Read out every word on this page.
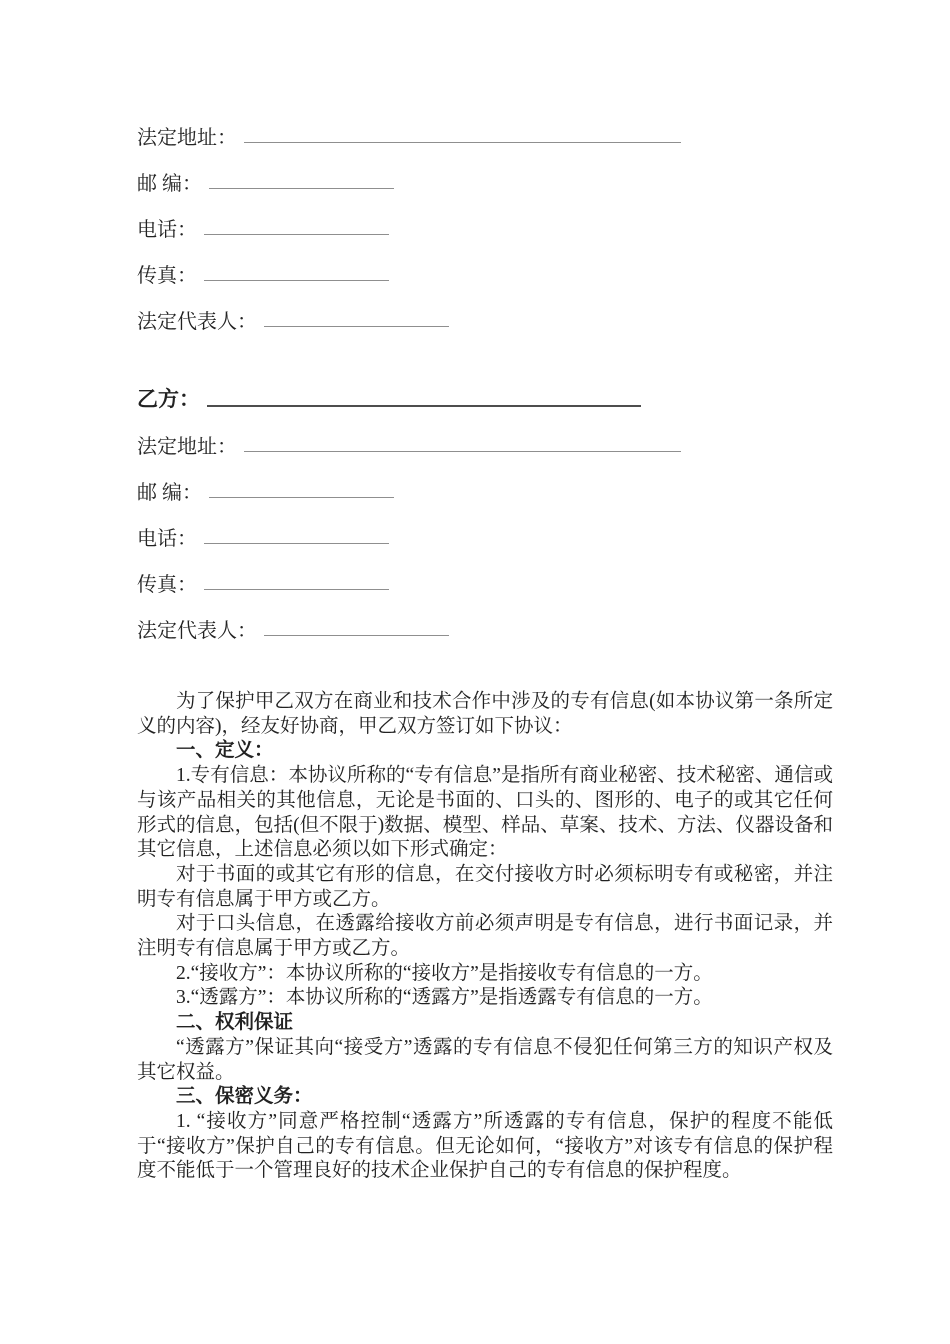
法定地址：
邮 编：
电话：
传真：
法定代表人：
乙方：
法定地址：
邮 编：
电话：
传真：
法定代表人：

为了保护甲乙双方在商业和技术合作中涉及的专有信息(如本协议第一条所定义的内容)，经友好协商，甲乙双方签订如下协议：

一、定义：

1.专有信息：本协议所称的“专有信息”是指所有商业秘密、技术秘密、通信或与该产品相关的其他信息，无论是书面的、口头的、图形的、电子的或其它任何形式的信息，包括(但不限于)数据、模型、样品、草案、技术、方法、仪器设备和其它信息，上述信息必须以如下形式确定：

对于书面的或其它有形的信息，在交付接收方时必须标明专有或秘密，并注明专有信息属于甲方或乙方。

对于口头信息，在透露给接收方前必须声明是专有信息，进行书面记录，并注明专有信息属于甲方或乙方。

2.“接收方”：本协议所称的“接收方”是指接收专有信息的一方。

3.“透露方”：本协议所称的“透露方”是指透露专有信息的一方。

二、权利保证

“透露方”保证其向“接受方”透露的专有信息不侵犯任何第三方的知识产权及其它权益。

三、保密义务：

1. “接收方”同意严格控制“透露方”所透露的专有信息，保护的程度不能低于“接收方”保护自己的专有信息。但无论如何，“接收方”对该专有信息的保护程度不能低于一个管理良好的技术企业保护自己的专有信息的保护程度。
